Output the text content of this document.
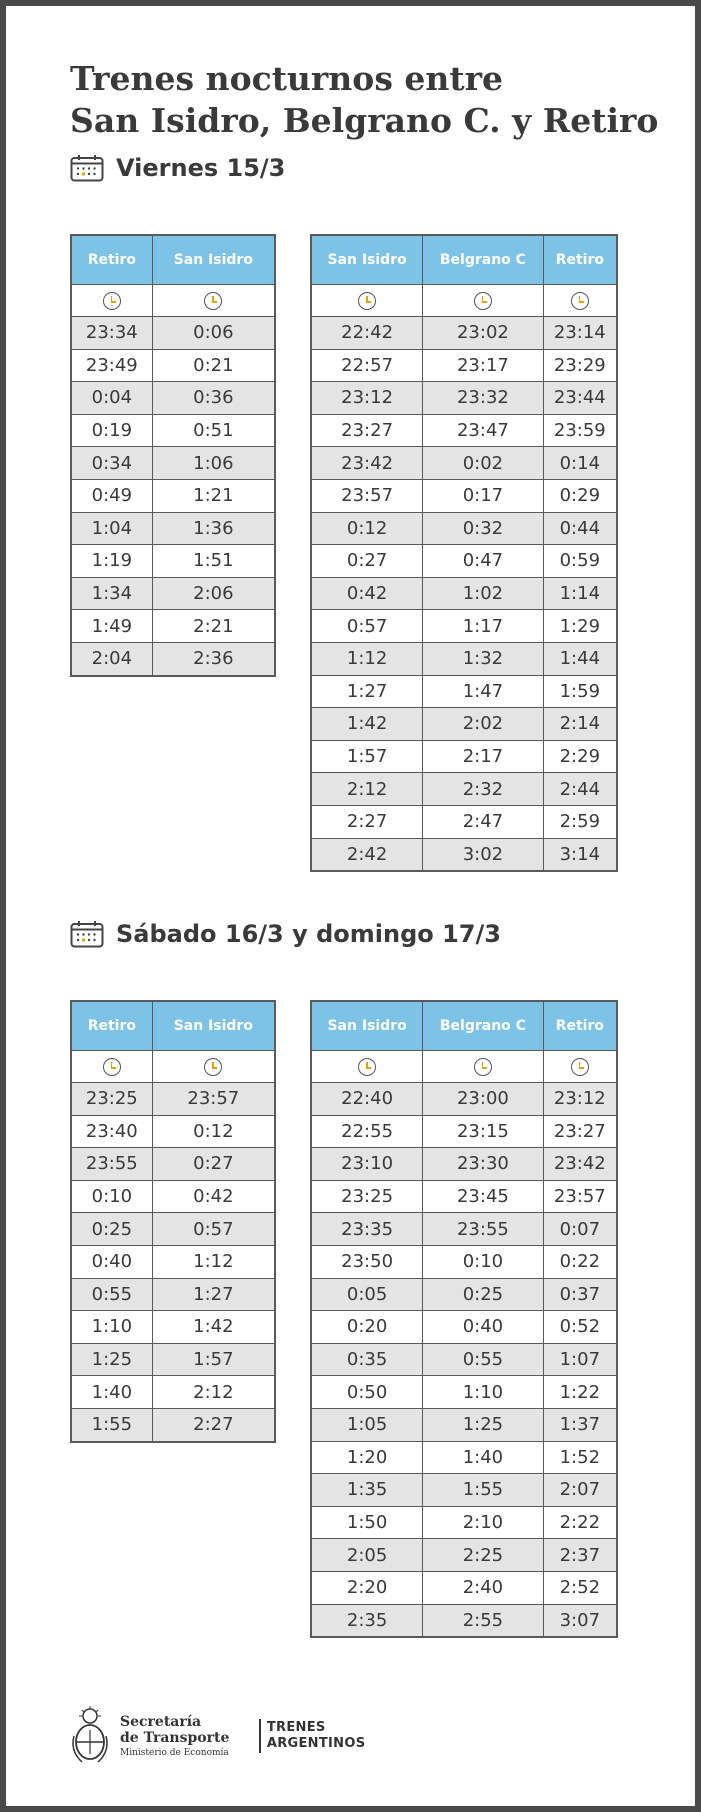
Trenes nocturnos entre
San Isidro, Belgrano C. y Retiro
Viernes 15/3
Retiro	San Isidro

23:34	0:06
23:49	0:21
0:04	0:36
0:19	0:51
0:34	1:06
0:49	1:21
1:04	1:36
1:19	1:51
1:34	2:06
1:49	2:21
2:04	2:36
San Isidro	Belgrano C	Retiro

22:42	23:02	23:14
22:57	23:17	23:29
23:12	23:32	23:44
23:27	23:47	23:59
23:42	0:02	0:14
23:57	0:17	0:29
0:12	0:32	0:44
0:27	0:47	0:59
0:42	1:02	1:14
0:57	1:17	1:29
1:12	1:32	1:44
1:27	1:47	1:59
1:42	2:02	2:14
1:57	2:17	2:29
2:12	2:32	2:44
2:27	2:47	2:59
2:42	3:02	3:14
Sábado 16/3 y domingo 17/3
Retiro	San Isidro

23:25	23:57
23:40	0:12
23:55	0:27
0:10	0:42
0:25	0:57
0:40	1:12
0:55	1:27
1:10	1:42
1:25	1:57
1:40	2:12
1:55	2:27
San Isidro	Belgrano C	Retiro

22:40	23:00	23:12
22:55	23:15	23:27
23:10	23:30	23:42
23:25	23:45	23:57
23:35	23:55	0:07
23:50	0:10	0:22
0:05	0:25	0:37
0:20	0:40	0:52
0:35	0:55	1:07
0:50	1:10	1:22
1:05	1:25	1:37
1:20	1:40	1:52
1:35	1:55	2:07
1:50	2:10	2:22
2:05	2:25	2:37
2:20	2:40	2:52
2:35	2:55	3:07
Secretaría
de Transporte
Ministerio de Economía
TRENES
ARGENTINOS
